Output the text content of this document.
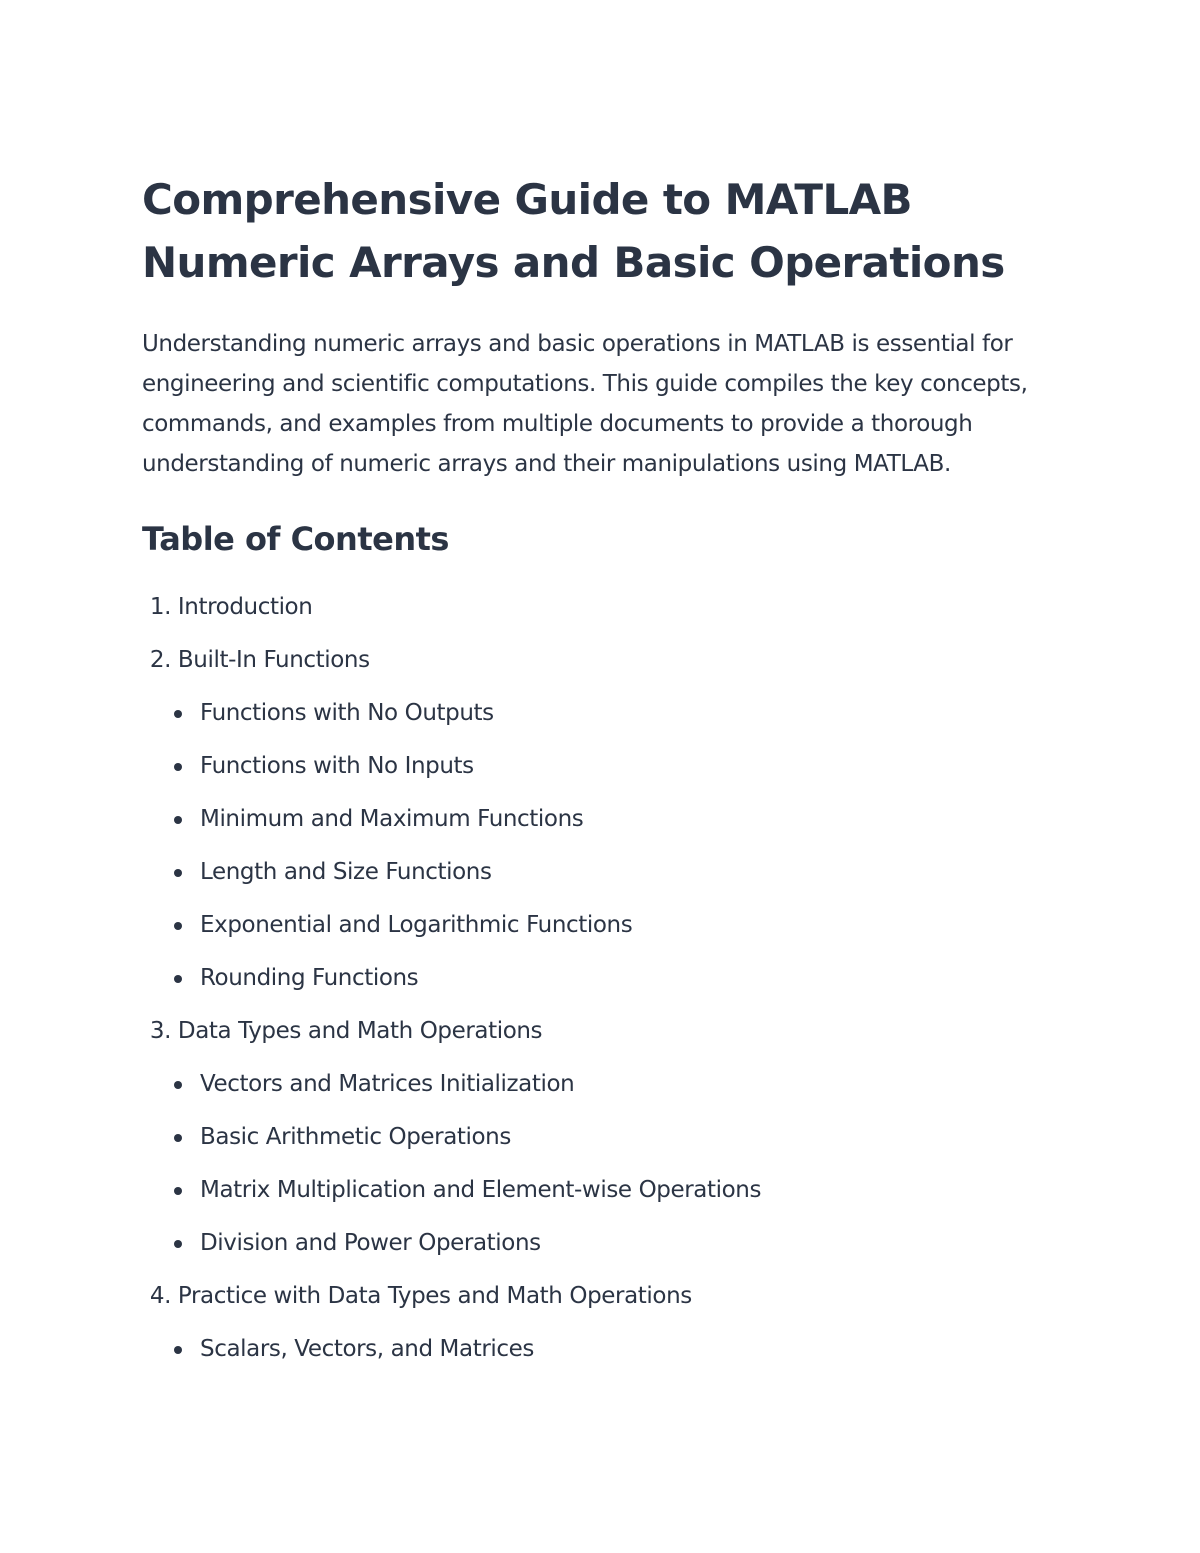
Comprehensive Guide to MATLAB Numeric Arrays and Basic Operations

Understanding numeric arrays and basic operations in MATLAB is essential for engineering and scientific computations. This guide compiles the key concepts, commands, and examples from multiple documents to provide a thorough understanding of numeric arrays and their manipulations using MATLAB.

Table of Contents
1. Introduction
2. Built-In Functions
Functions with No Outputs
Functions with No Inputs
Minimum and Maximum Functions
Length and Size Functions
Exponential and Logarithmic Functions
Rounding Functions
3. Data Types and Math Operations
Vectors and Matrices Initialization
Basic Arithmetic Operations
Matrix Multiplication and Element-wise Operations
Division and Power Operations
4. Practice with Data Types and Math Operations
Scalars, Vectors, and Matrices
